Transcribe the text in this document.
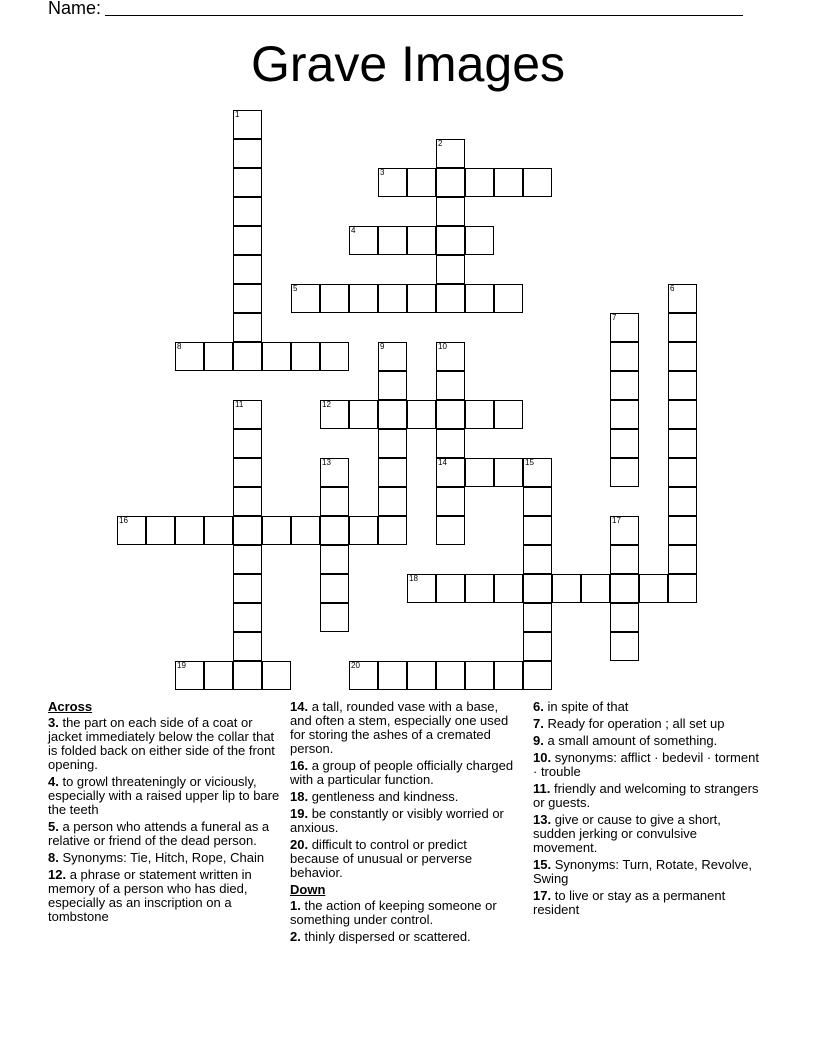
Name:
Grave Images
3
4
5
8
12
14	15
16
18
19	20
1
2
6
7
9	10
11
13
17
Across
3. the part on each side of a coat or jacket immediately below the collar that is folded back on either side of the front opening.
4. to growl threateningly or viciously, especially with a raised upper lip to bare the teeth
5. a person who attends a funeral as a relative or friend of the dead person.
8. Synonyms: Tie, Hitch, Rope, Chain
12. a phrase or statement written in memory of a person who has died, especially as an inscription on a tombstone
14. a tall, rounded vase with a base, and often a stem, especially one used for storing the ashes of a cremated person.
16. a group of people officially charged with a particular function.
18. gentleness and kindness.
19. be constantly or visibly worried or anxious.
20. difficult to control or predict because of unusual or perverse behavior.
Down
1. the action of keeping someone or something under control.
2. thinly dispersed or scattered.
6. in spite of that
7. Ready for operation ; all set up
9. a small amount of something.
10. synonyms: afflict · bedevil · torment · trouble
11. friendly and welcoming to strangers or guests.
13. give or cause to give a short, sudden jerking or convulsive movement.
15. Synonyms: Turn, Rotate, Revolve, Swing
17. to live or stay as a permanent resident
